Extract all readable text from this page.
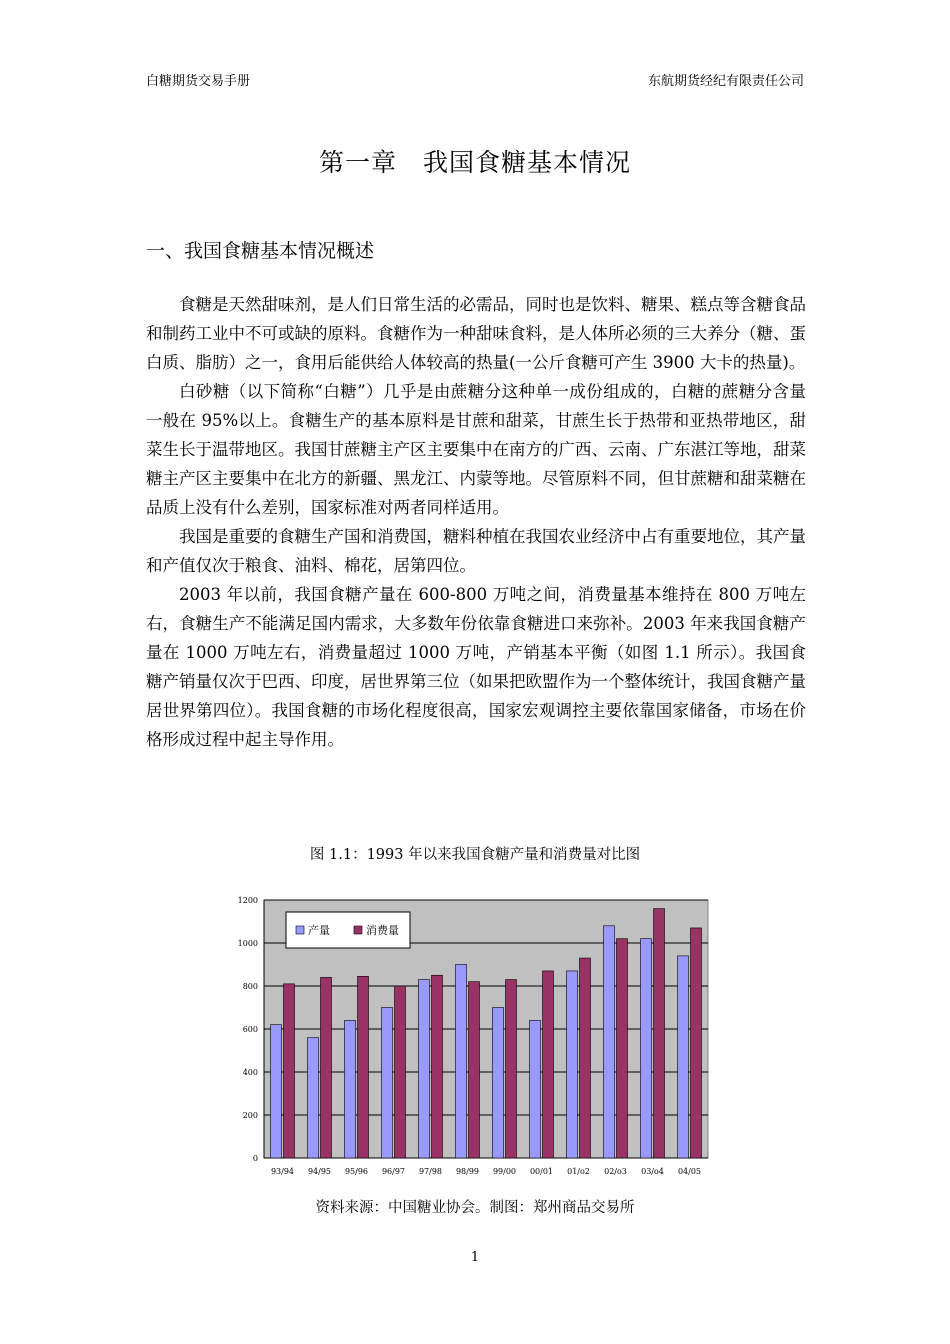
白糖期货交易手册	东航期货经纪有限责任公司
第一章　我国食糖基本情况
一、我国食糖基本情况概述

食糖是天然甜味剂，是人们日常生活的必需品，同时也是饮料、糖果、糕点等含糖食品和制药工业中不可或缺的原料。食糖作为一种甜味食料，是人体所必须的三大养分（糖、蛋白质、脂肪）之一，食用后能供给人体较高的热量(一公斤食糖可产生 3900 大卡的热量)。

白砂糖（以下简称“白糖”）几乎是由蔗糖分这种单一成份组成的，白糖的蔗糖分含量一般在 95%以上。食糖生产的基本原料是甘蔗和甜菜，甘蔗生长于热带和亚热带地区，甜菜生长于温带地区。我国甘蔗糖主产区主要集中在南方的广西、云南、广东湛江等地，甜菜糖主产区主要集中在北方的新疆、黑龙江、内蒙等地。尽管原料不同，但甘蔗糖和甜菜糖在品质上没有什么差别，国家标准对两者同样适用。

我国是重要的食糖生产国和消费国，糖料种植在我国农业经济中占有重要地位，其产量和产值仅次于粮食、油料、棉花，居第四位。

2003 年以前，我国食糖产量在 600-800 万吨之间，消费量基本维持在 800 万吨左右，食糖生产不能满足国内需求，大多数年份依靠食糖进口来弥补。2003 年来我国食糖产量在 1000 万吨左右，消费量超过 1000 万吨，产销基本平衡（如图 1.1 所示）。我国食糖产销量仅次于巴西、印度，居世界第三位（如果把欧盟作为一个整体统计，我国食糖产量居世界第四位）。我国食糖的市场化程度很高，国家宏观调控主要依靠国家储备，市场在价格形成过程中起主导作用。

图 1.1：1993 年以来我国食糖产量和消费量对比图
0
200
400
600
800
1000
1200
93/94 94/95 95/96 96/97 97/98 98/99 99/00 00/01 01/o2 02/o3 03/o4 04/05
产量	消费量
资料来源：中国糖业协会。制图：郑州商品交易所
1
